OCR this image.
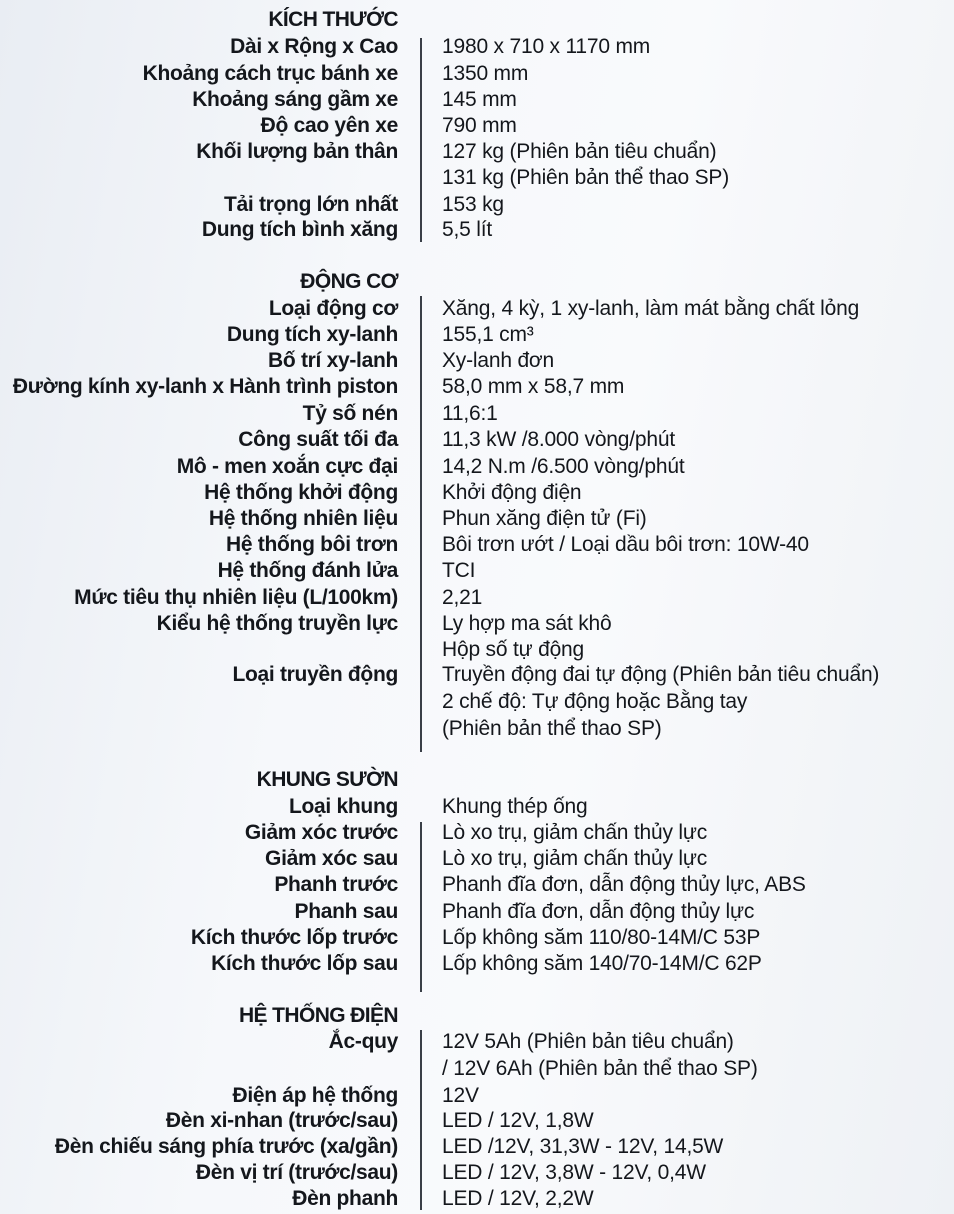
KÍCH THƯỚC
Dài x Rộng x Cao 1980 x 710 x 1170 mm
Khoảng cách trục bánh xe 1350 mm
Khoảng sáng gầm xe 145 mm
Độ cao yên xe 790 mm
Khối lượng bản thân 127 kg (Phiên bản tiêu chuẩn)
131 kg (Phiên bản thể thao SP)
Tải trọng lớn nhất 153 kg
Dung tích bình xăng 5,5 lít
ĐỘNG CƠ
Loại động cơ Xăng, 4 kỳ, 1 xy-lanh, làm mát bằng chất lỏng
Dung tích xy-lanh 155,1 cm³
Bố trí xy-lanh Xy-lanh đơn
Đường kính xy-lanh x Hành trình piston 58,0 mm x 58,7 mm
Tỷ số nén 11,6:1
Công suất tối đa 11,3 kW /8.000 vòng/phút
Mô - men xoắn cực đại 14,2 N.m /6.500 vòng/phút
Hệ thống khởi động Khởi động điện
Hệ thống nhiên liệu Phun xăng điện tử (Fi)
Hệ thống bôi trơn Bôi trơn ướt / Loại dầu bôi trơn: 10W-40
Hệ thống đánh lửa TCI
Mức tiêu thụ nhiên liệu (L/100km) 2,21
Kiểu hệ thống truyền lực Ly hợp ma sát khô
Hộp số tự động
Loại truyền động Truyền động đai tự động (Phiên bản tiêu chuẩn)
2 chế độ: Tự động hoặc Bằng tay
(Phiên bản thể thao SP)
KHUNG SƯỜN
Loại khung Khung thép ống
Giảm xóc trước Lò xo trụ, giảm chấn thủy lực
Giảm xóc sau Lò xo trụ, giảm chấn thủy lực
Phanh trước Phanh đĩa đơn, dẫn động thủy lực, ABS
Phanh sau Phanh đĩa đơn, dẫn động thủy lực
Kích thước lốp trước Lốp không săm 110/80-14M/C 53P
Kích thước lốp sau Lốp không săm 140/70-14M/C 62P
HỆ THỐNG ĐIỆN
Ắc-quy 12V 5Ah (Phiên bản tiêu chuẩn)
/ 12V 6Ah (Phiên bản thể thao SP)
Điện áp hệ thống 12V
Đèn xi-nhan (trước/sau) LED / 12V, 1,8W
Đèn chiếu sáng phía trước (xa/gần) LED /12V, 31,3W - 12V, 14,5W
Đèn vị trí (trước/sau) LED / 12V, 3,8W - 12V, 0,4W
Đèn phanh LED / 12V, 2,2W
